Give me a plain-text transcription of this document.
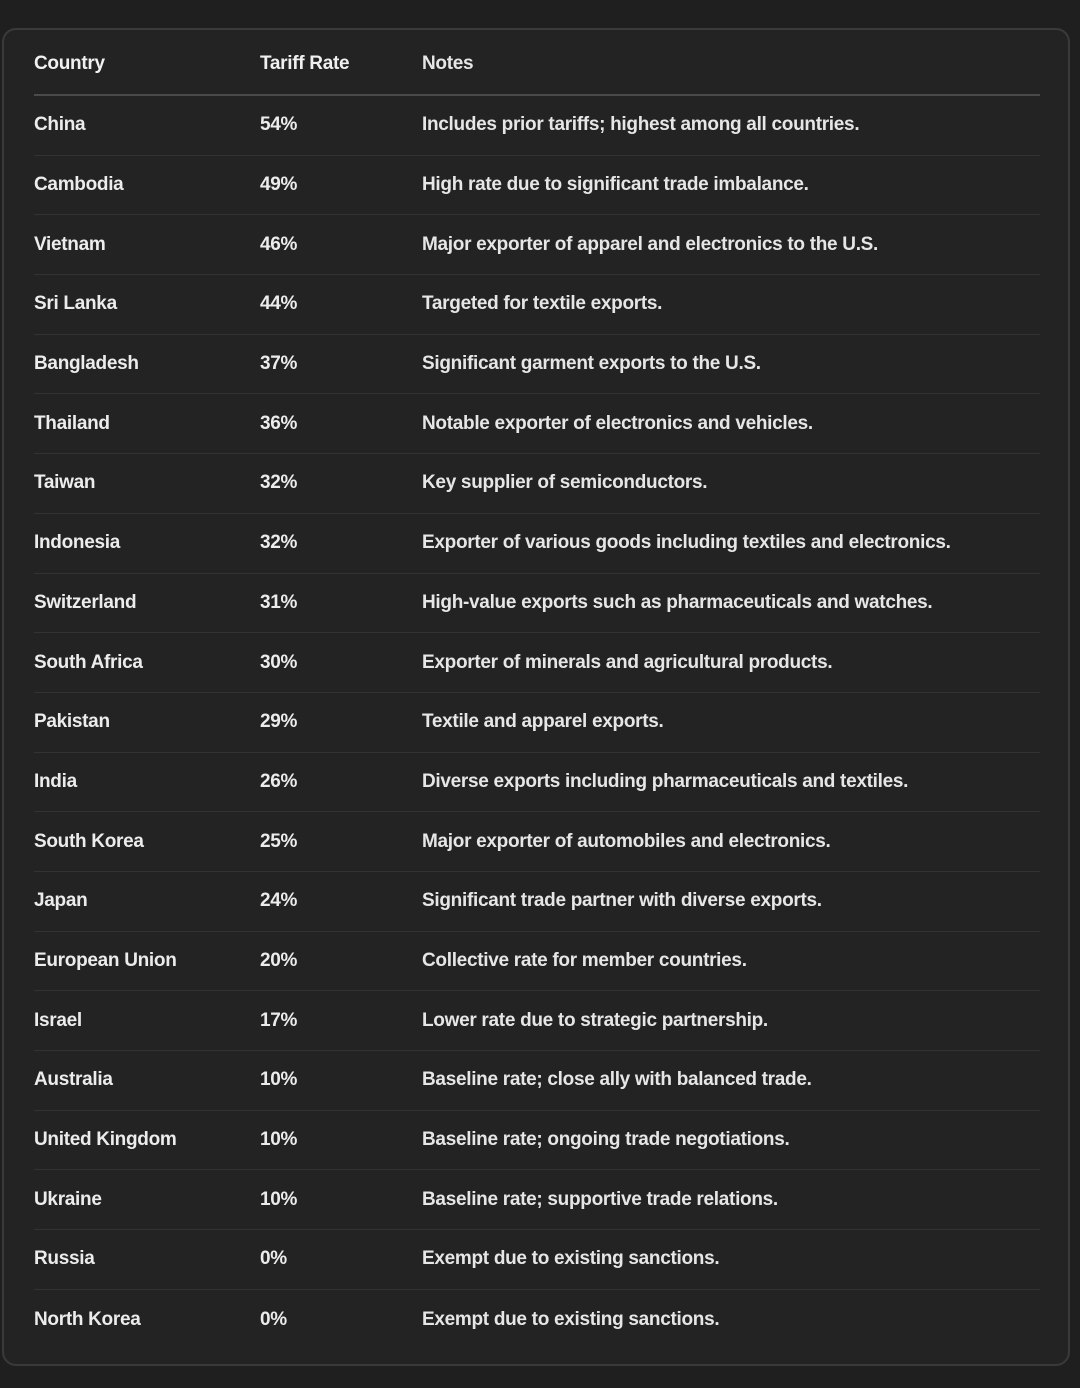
Country	Tariff Rate	Notes
China	54%	Includes prior tariffs; highest among all countries.
Cambodia	49%	High rate due to significant trade imbalance.
Vietnam	46%	Major exporter of apparel and electronics to the U.S.
Sri Lanka	44%	Targeted for textile exports.
Bangladesh	37%	Significant garment exports to the U.S.
Thailand	36%	Notable exporter of electronics and vehicles.
Taiwan	32%	Key supplier of semiconductors.
Indonesia	32%	Exporter of various goods including textiles and electronics.
Switzerland	31%	High-value exports such as pharmaceuticals and watches.
South Africa	30%	Exporter of minerals and agricultural products.
Pakistan	29%	Textile and apparel exports.
India	26%	Diverse exports including pharmaceuticals and textiles.
South Korea	25%	Major exporter of automobiles and electronics.
Japan	24%	Significant trade partner with diverse exports.
European Union	20%	Collective rate for member countries.
Israel	17%	Lower rate due to strategic partnership.
Australia	10%	Baseline rate; close ally with balanced trade.
United Kingdom	10%	Baseline rate; ongoing trade negotiations.
Ukraine	10%	Baseline rate; supportive trade relations.
Russia	0%	Exempt due to existing sanctions.
North Korea	0%	Exempt due to existing sanctions.
